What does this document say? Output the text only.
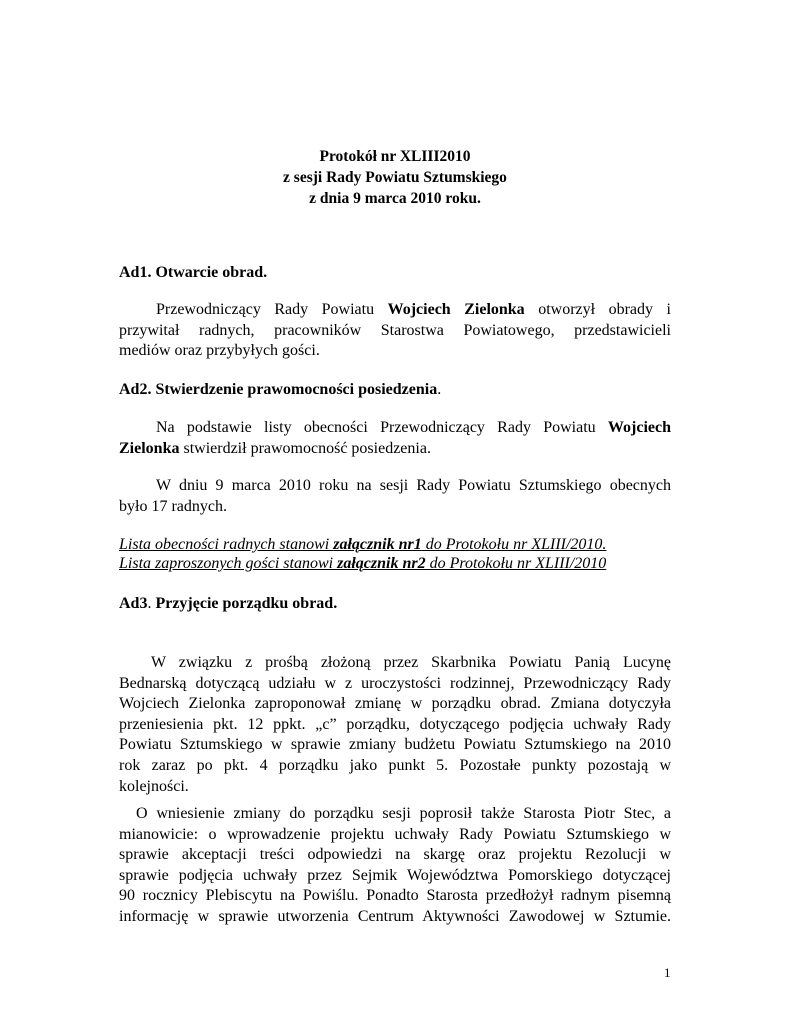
Protokół nr XLIII2010
z sesji Rady Powiatu Sztumskiego
z dnia 9 marca 2010 roku.
Ad1. Otwarcie obrad.
Przewodniczący Rady Powiatu Wojciech Zielonka otworzył obrady i
przywitał radnych, pracowników Starostwa Powiatowego, przedstawicieli
mediów oraz przybyłych gości.
Ad2. Stwierdzenie prawomocności posiedzenia.
Na podstawie listy obecności Przewodniczący Rady Powiatu Wojciech
Zielonka stwierdził prawomocność posiedzenia.
W dniu 9 marca 2010 roku na sesji Rady Powiatu Sztumskiego obecnych
było 17 radnych.
Lista obecności radnych stanowi załącznik nr1 do Protokołu nr XLIII/2010.
Lista zaproszonych gości stanowi załącznik nr2 do Protokołu nr XLIII/2010
Ad3. Przyjęcie porządku obrad.
W związku z prośbą złożoną przez Skarbnika Powiatu Panią Lucynę
Bednarską dotyczącą udziału w z uroczystości rodzinnej, Przewodniczący Rady
Wojciech Zielonka zaproponował zmianę w porządku obrad. Zmiana dotyczyła
przeniesienia pkt. 12 ppkt. „c” porządku, dotyczącego podjęcia uchwały Rady
Powiatu Sztumskiego w sprawie zmiany budżetu Powiatu Sztumskiego na 2010
rok zaraz po pkt. 4 porządku jako punkt 5. Pozostałe punkty pozostają w
kolejności.
O wniesienie zmiany do porządku sesji poprosił także Starosta Piotr Stec, a
mianowicie: o wprowadzenie projektu uchwały Rady Powiatu Sztumskiego w
sprawie akceptacji treści odpowiedzi na skargę oraz projektu Rezolucji w
sprawie podjęcia uchwały przez Sejmik Województwa Pomorskiego dotyczącej
90 rocznicy Plebiscytu na Powiślu. Ponadto Starosta przedłożył radnym pisemną
informację w sprawie utworzenia Centrum Aktywności Zawodowej w Sztumie.
1
